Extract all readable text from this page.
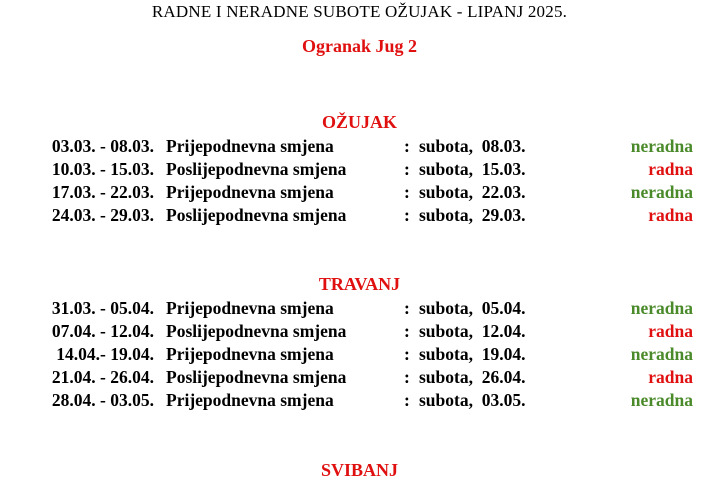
RADNE I NERADNE SUBOTE OŽUJAK - LIPANJ 2025.
Ogranak Jug 2
OŽUJAK
03.03. - 08.03. Prijepodnevna smjena	: subota,  08.03.	neradna
10.03. - 15.03. Poslijepodnevna smjena	: subota,  15.03.	radna
17.03. - 22.03. Prijepodnevna smjena	: subota,  22.03.	neradna
24.03. - 29.03. Poslijepodnevna smjena	: subota,  29.03.	radna
TRAVANJ
31.03. - 05.04. Prijepodnevna smjena	: subota,  05.04.	neradna
07.04. - 12.04. Poslijepodnevna smjena	: subota,  12.04.	radna
14.04.- 19.04. Prijepodnevna smjena	: subota,  19.04.	neradna
21.04. - 26.04. Poslijepodnevna smjena	: subota,  26.04.	radna
28.04. - 03.05. Prijepodnevna smjena	: subota,  03.05.	neradna
SVIBANJ
